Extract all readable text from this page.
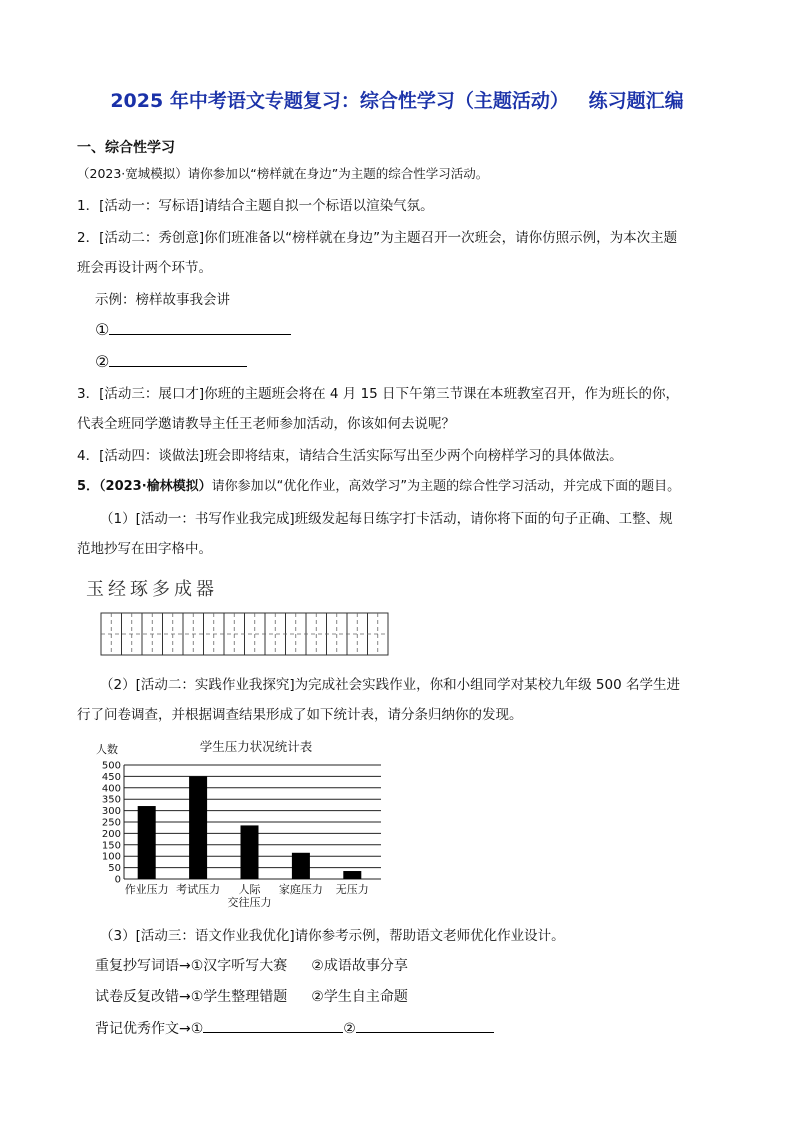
2025 年中考语文专题复习：综合性学习（主题活动）   练习题汇编
一、综合性学习
（2023·宽城模拟）请你参加以“榜样就在身边”为主题的综合性学习活动。
1．[活动一：写标语]请结合主题自拟一个标语以渲染气氛。
2．[活动二：秀创意]你们班准备以“榜样就在身边”为主题召开一次班会，请你仿照示例，为本次主题
班会再设计两个环节。
示例：榜样故事我会讲
①
②
3．[活动三：展口才]你班的主题班会将在 4 月 15 日下午第三节课在本班教室召开，作为班长的你，
代表全班同学邀请教导主任王老师参加活动，你该如何去说呢？
4．[活动四：谈做法]班会即将结束，请结合生活实际写出至少两个向榜样学习的具体做法。
5．（2023·榆林模拟）请你参加以“优化作业，高效学习”为主题的综合性学习活动，并完成下面的题目。
（1）[活动一：书写作业我完成]班级发起每日练字打卡活动，请你将下面的句子正确、工整、规
范地抄写在田字格中。
玉经琢多成器
（2）[活动二：实践作业我探究]为完成社会实践作业，你和小组同学对某校九年级 500 名学生进
行了问卷调查，并根据调查结果形成了如下统计表，请分条归纳你的发现。
学生压力状况统计表
人数
0
50
100
150
200
250
300
350
400
450
500
作业压力 考试压力 人际
交往压力
家庭压力 无压力
（3）[活动三：语文作业我优化]请你参考示例，帮助语文老师优化作业设计。
重复抄写词语→①汉字听写大赛 ②成语故事分享
试卷反复改错→①学生整理错题 ②学生自主命题
背记优秀作文→①	②
